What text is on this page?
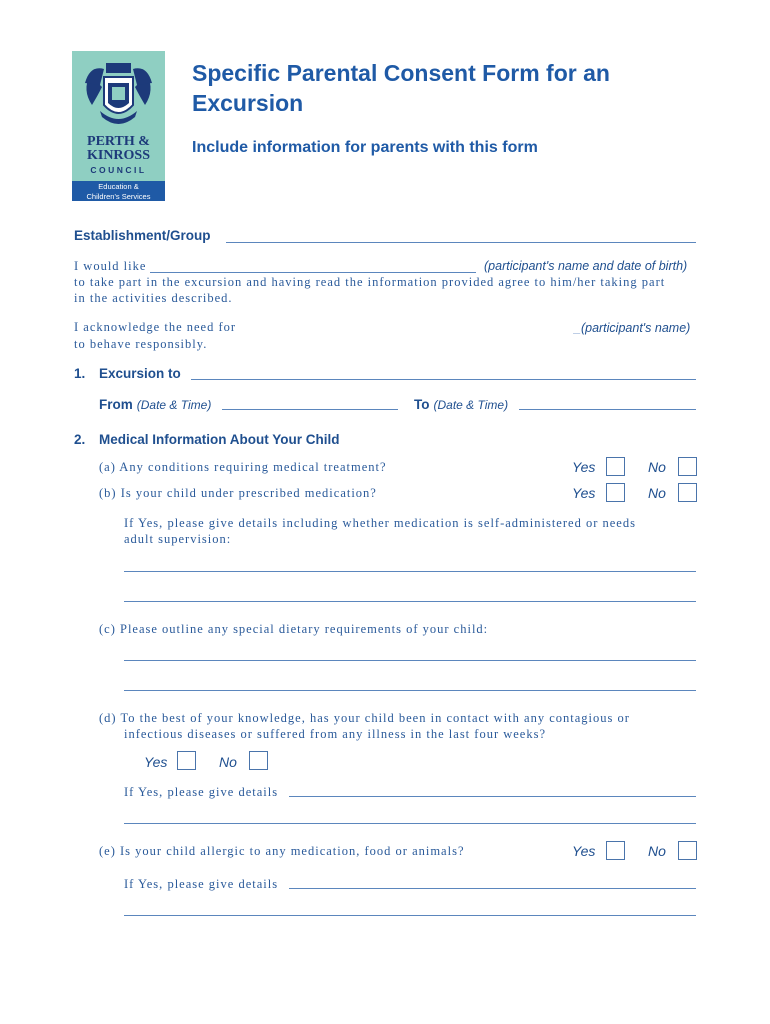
PERTH &
KINROSS
COUNCIL
Education &
Children's Services
Specific Parental Consent Form for an Excursion
Include information for parents with this form
Establishment/Group
I would like	(participant's name and date of birth)
to take part in the excursion and having read the information provided agree to him/her taking part
in the activities described.
I acknowledge the need for	_(participant's name)
to behave responsibly.
1. Excursion to
From (Date & Time)	To (Date & Time)
2. Medical Information About Your Child
(a) Any conditions requiring medical treatment?	Yes	No
(b) Is your child under prescribed medication?	Yes	No
If Yes, please give details including whether medication is self-administered or needs
adult supervision:
(c) Please outline any special dietary requirements of your child:
(d) To the best of your knowledge, has your child been in contact with any contagious or
infectious diseases or suffered from any illness in the last four weeks?
Yes	No
If Yes, please give details
(e) Is your child allergic to any medication, food or animals?	Yes	No
If Yes, please give details
